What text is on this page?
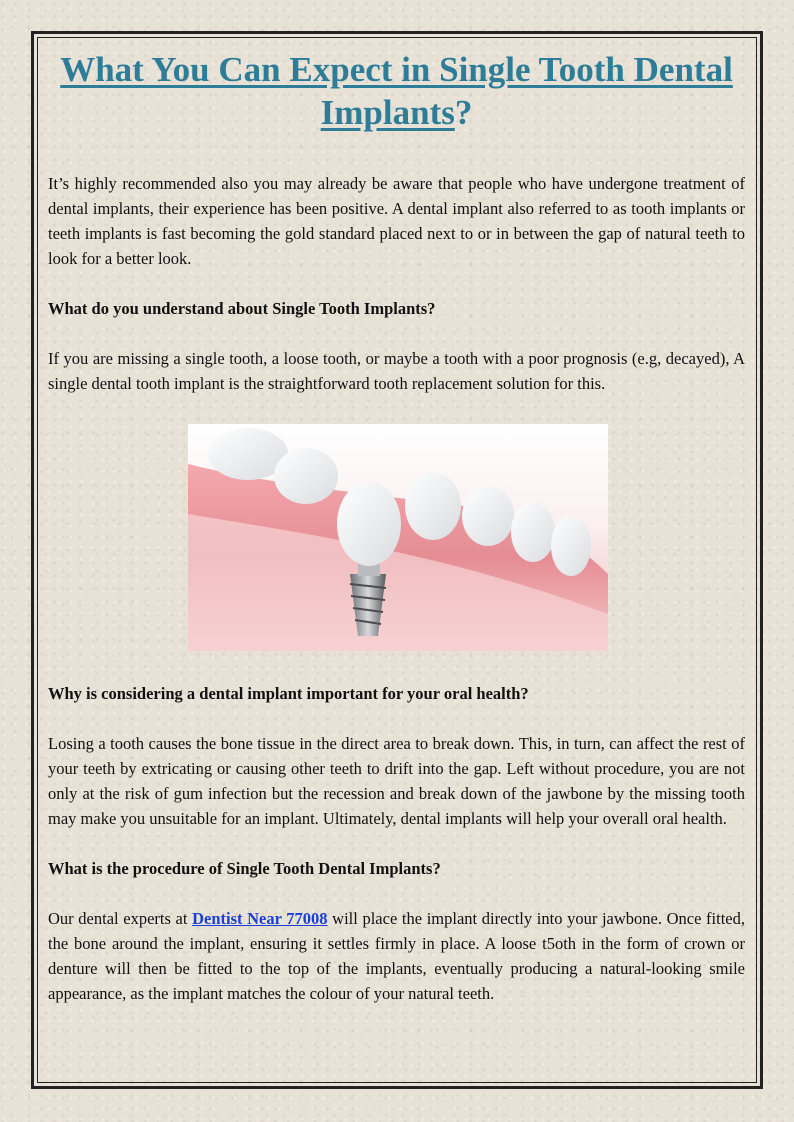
What You Can Expect in Single Tooth Dental Implants?

It’s highly recommended also you may already be aware that people who have undergone treatment of dental implants, their experience has been positive. A dental implant also referred to as tooth implants or teeth implants is fast becoming the gold standard placed next to or in between the gap of natural teeth to look for a better look.

What do you understand about Single Tooth Implants?

If you are missing a single tooth, a loose tooth, or maybe a tooth with a poor prognosis (e.g, decayed), A single dental tooth implant is the straightforward tooth replacement solution for this.

Why is considering a dental implant important for your oral health?

Losing a tooth causes the bone tissue in the direct area to break down. This, in turn, can affect the rest of your teeth by extricating or causing other teeth to drift into the gap. Left without procedure, you are not only at the risk of gum infection but the recession and break down of the jawbone by the missing tooth may make you unsuitable for an implant. Ultimately, dental implants will help your overall oral health.

What is the procedure of Single Tooth Dental Implants?

Our dental experts at Dentist Near 77008 will place the implant directly into your jawbone. Once fitted, the bone around the implant, ensuring it settles firmly in place. A loose t5oth in the form of crown or denture will then be fitted to the top of the implants, eventually producing a natural-looking smile appearance, as the implant matches the colour of your natural teeth.
